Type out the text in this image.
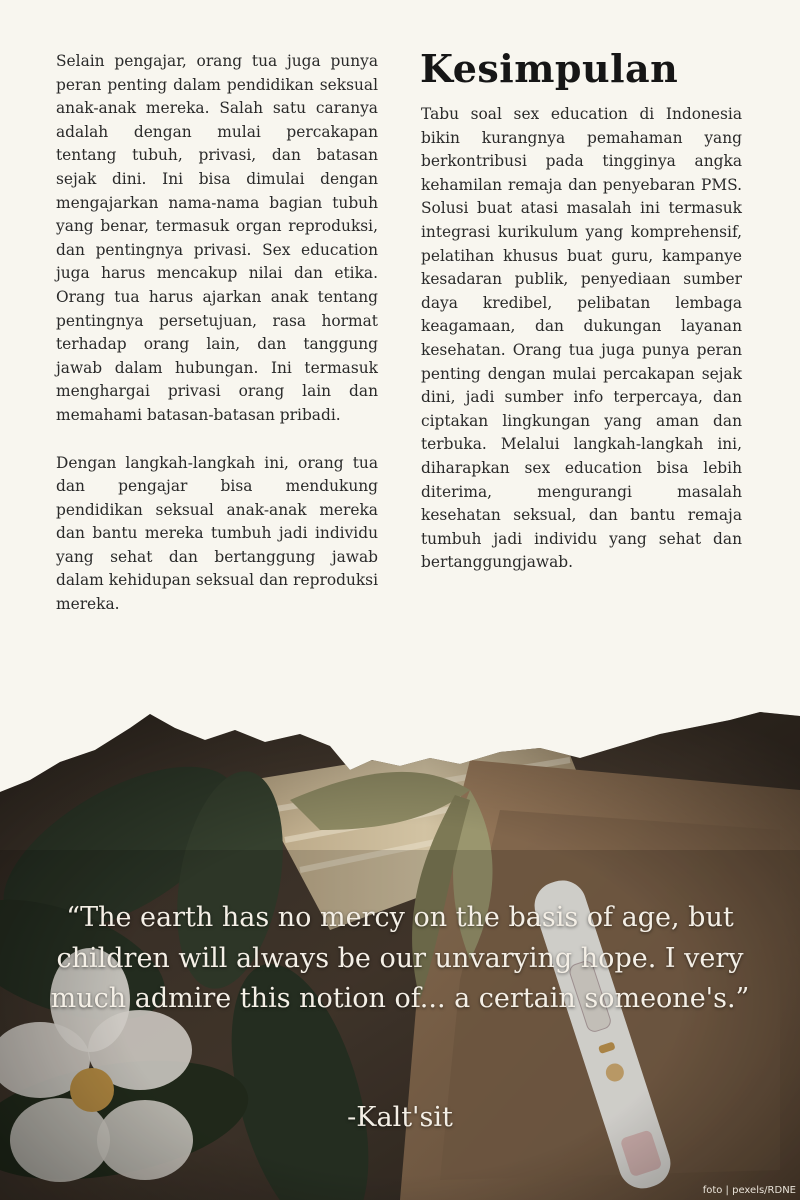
Selain pengajar, orang tua juga punya peran penting dalam pendidikan seksual anak-anak mereka. Salah satu caranya adalah dengan mulai percakapan tentang tubuh, privasi, dan batasan sejak dini. Ini bisa dimulai dengan mengajarkan nama-nama bagian tubuh yang benar, termasuk organ reproduksi, dan pentingnya privasi. Sex education juga harus mencakup nilai dan etika. Orang tua harus ajarkan anak tentang pentingnya persetujuan, rasa hormat terhadap orang lain, dan tanggung jawab dalam hubungan. Ini termasuk menghargai privasi orang lain dan memahami batasan-batasan pribadi.

Dengan langkah-langkah ini, orang tua dan pengajar bisa mendukung pendidikan seksual anak-anak mereka dan bantu mereka tumbuh jadi individu yang sehat dan bertanggung jawab dalam kehidupan seksual dan reproduksi mereka.

Kesimpulan

Tabu soal sex education di Indonesia bikin kurangnya pemahaman yang berkontribusi pada tingginya angka kehamilan remaja dan penyebaran PMS. Solusi buat atasi masalah ini termasuk integrasi kurikulum yang komprehensif, pelatihan khusus buat guru, kampanye kesadaran publik, penyediaan sumber daya kredibel, pelibatan lembaga keagamaan, dan dukungan layanan kesehatan. Orang tua juga punya peran penting dengan mulai percakapan sejak dini, jadi sumber info terpercaya, dan ciptakan lingkungan yang aman dan terbuka. Melalui langkah-langkah ini, diharapkan sex education bisa lebih diterima, mengurangi masalah kesehatan seksual, dan bantu remaja tumbuh jadi individu yang sehat dan bertanggungjawab.

“The earth has no mercy on the basis of age, but children will always be our unvarying hope. I very much admire this notion of... a certain someone's.”

-Kalt'sit
foto | pexels/RDNE
